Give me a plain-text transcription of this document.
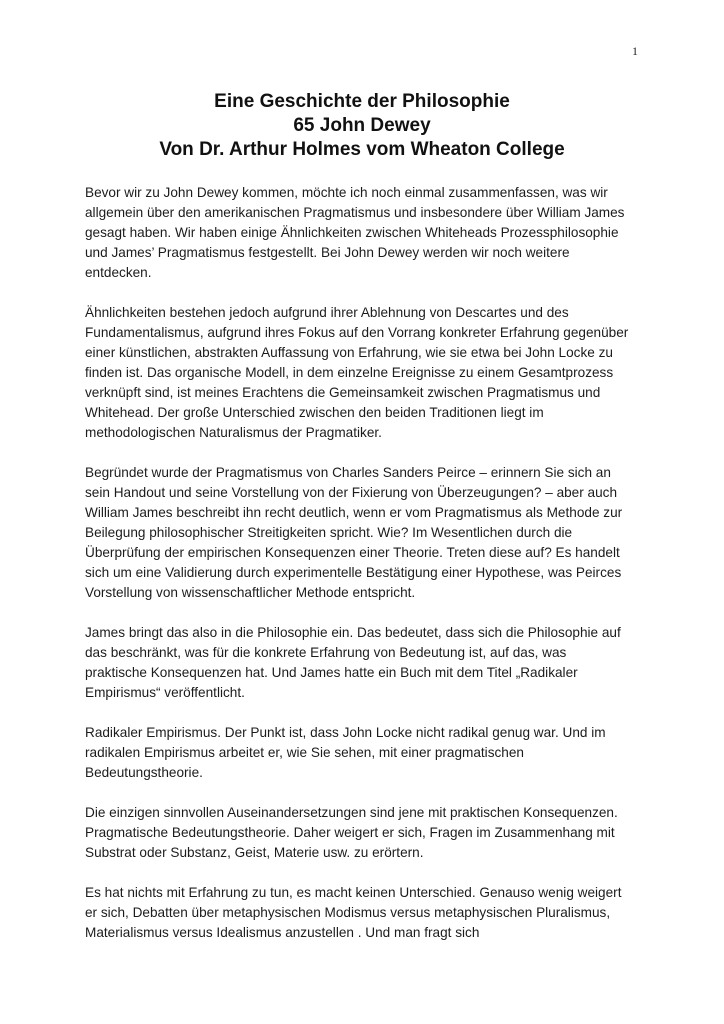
1

Eine Geschichte der Philosophie

65 John Dewey

Von Dr. Arthur Holmes vom Wheaton College

Bevor wir zu John Dewey kommen, möchte ich noch einmal zusammenfassen, was wir allgemein über den amerikanischen Pragmatismus und insbesondere über William James gesagt haben. Wir haben einige Ähnlichkeiten zwischen Whiteheads Prozessphilosophie und James’ Pragmatismus festgestellt. Bei John Dewey werden wir noch weitere entdecken.

Ähnlichkeiten bestehen jedoch aufgrund ihrer Ablehnung von Descartes und des Fundamentalismus, aufgrund ihres Fokus auf den Vorrang konkreter Erfahrung gegenüber einer künstlichen, abstrakten Auffassung von Erfahrung, wie sie etwa bei John Locke zu finden ist. Das organische Modell, in dem einzelne Ereignisse zu einem Gesamtprozess verknüpft sind, ist meines Erachtens die Gemeinsamkeit zwischen Pragmatismus und Whitehead. Der große Unterschied zwischen den beiden Traditionen liegt im methodologischen Naturalismus der Pragmatiker.

Begründet wurde der Pragmatismus von Charles Sanders Peirce – erinnern Sie sich an sein Handout und seine Vorstellung von der Fixierung von Überzeugungen? – aber auch William James beschreibt ihn recht deutlich, wenn er vom Pragmatismus als Methode zur Beilegung philosophischer Streitigkeiten spricht. Wie? Im Wesentlichen durch die Überprüfung der empirischen Konsequenzen einer Theorie. Treten diese auf? Es handelt sich um eine Validierung durch experimentelle Bestätigung einer Hypothese, was Peirces Vorstellung von wissenschaftlicher Methode entspricht.

James bringt das also in die Philosophie ein. Das bedeutet, dass sich die Philosophie auf das beschränkt, was für die konkrete Erfahrung von Bedeutung ist, auf das, was praktische Konsequenzen hat. Und James hatte ein Buch mit dem Titel „Radikaler Empirismus“ veröffentlicht.

Radikaler Empirismus. Der Punkt ist, dass John Locke nicht radikal genug war. Und im radikalen Empirismus arbeitet er, wie Sie sehen, mit einer pragmatischen Bedeutungstheorie.

Die einzigen sinnvollen Auseinandersetzungen sind jene mit praktischen Konsequenzen. Pragmatische Bedeutungstheorie. Daher weigert er sich, Fragen im Zusammenhang mit Substrat oder Substanz, Geist, Materie usw. zu erörtern.

Es hat nichts mit Erfahrung zu tun, es macht keinen Unterschied. Genauso wenig weigert er sich, Debatten über metaphysischen Modismus versus metaphysischen Pluralismus, Materialismus versus Idealismus anzustellen . Und man fragt sich
